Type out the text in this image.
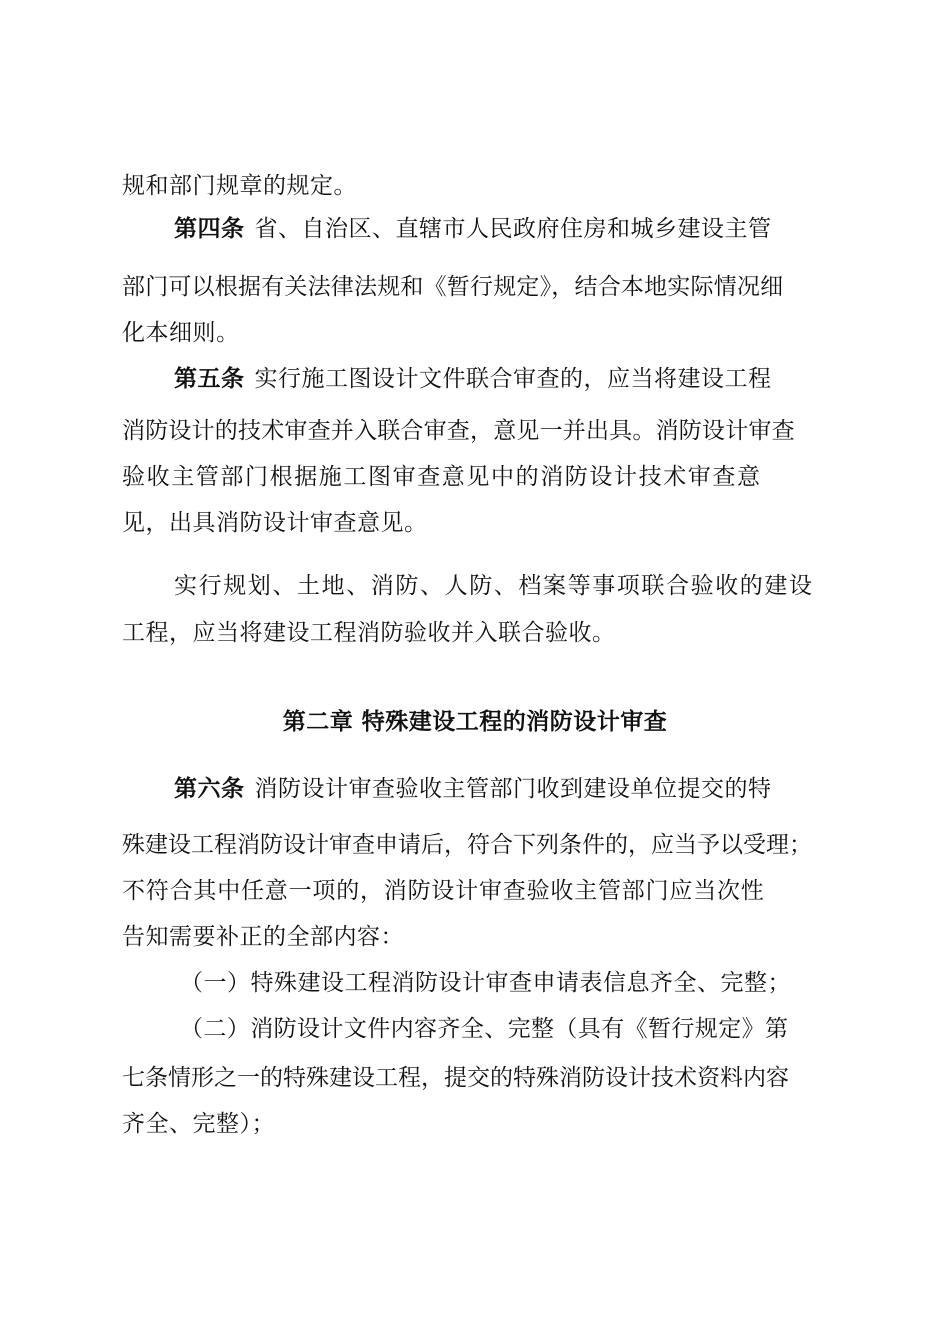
规和部门规章的规定。
第四条 省、自治区、直辖市人民政府住房和城乡建设主管
部门可以根据有关法律法规和《暂行规定》，结合本地实际情况细
化本细则。
第五条 实行施工图设计文件联合审查的，应当将建设工程
消防设计的技术审查并入联合审查，意见一并出具。消防设计审查
验收主管部门根据施工图审查意见中的消防设计技术审查意
见，出具消防设计审查意见。
实行规划、土地、消防、人防、档案等事项联合验收的建设
工程，应当将建设工程消防验收并入联合验收。
第二章 特殊建设工程的消防设计审查
第六条 消防设计审查验收主管部门收到建设单位提交的特
殊建设工程消防设计审查申请后，符合下列条件的，应当予以受理；
不符合其中任意一项的，消防设计审查验收主管部门应当次性
告知需要补正的全部内容：
（一）特殊建设工程消防设计审查申请表信息齐全、完整；
（二）消防设计文件内容齐全、完整（具有《暂行规定》第
七条情形之一的特殊建设工程，提交的特殊消防设计技术资料内容
齐全、完整）；
